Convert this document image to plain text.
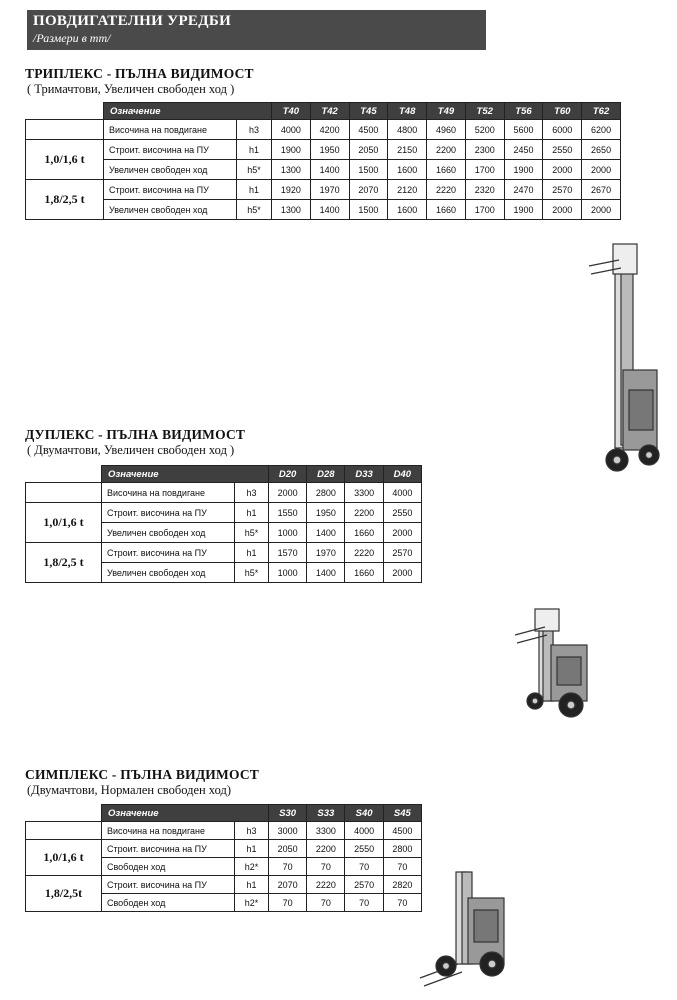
ПОВДИГАТЕЛНИ УРЕДБИ
/Размери в mm/
ТРИПЛЕКС - ПЪЛНА ВИДИМОСТ
( Тримачтови, Увеличен свободен ход )
	Означение		T40	T42	T45	T48	T49	T52	T56	T60	T62
	Височина на повдигане	h3	4000	4200	4500	4800	4960	5200	5600	6000	6200
1,0/1,6 t	Строит. височина на ПУ	h1	1900	1950	2050	2150	2200	2300	2450	2550	2650
	Увеличен свободен ход	h5*	1300	1400	1500	1600	1660	1700	1900	2000	2000
1,8/2,5 t	Строит. височина на ПУ	h1	1920	1970	2070	2120	2220	2320	2470	2570	2670
	Увеличен свободен ход	h5*	1300	1400	1500	1600	1660	1700	1900	2000	2000
ДУПЛЕКС - ПЪЛНА ВИДИМОСТ
( Двумачтови, Увеличен свободен ход )
	Означение		D20	D28	D33	D40
	Височина на повдигане	h3	2000	2800	3300	4000
1,0/1,6 t	Строит. височина на ПУ	h1	1550	1950	2200	2550
	Увеличен свободен ход	h5*	1000	1400	1660	2000
1,8/2,5 t	Строит. височина на ПУ	h1	1570	1970	2220	2570
	Увеличен свободен ход	h5*	1000	1400	1660	2000
СИМПЛЕКС - ПЪЛНА ВИДИМОСТ
(Двумачтови, Нормален свободен ход)
	Означение		S30	S33	S40	S45
	Височина на повдигане	h3	3000	3300	4000	4500
1,0/1,6 t	Строит. височина на ПУ	h1	2050	2200	2550	2800
	Свободен ход	h2*	70	70	70	70
1,8/2,5t	Строит. височина на ПУ	h1	2070	2220	2570	2820
	Свободен ход	h2*	70	70	70	70
